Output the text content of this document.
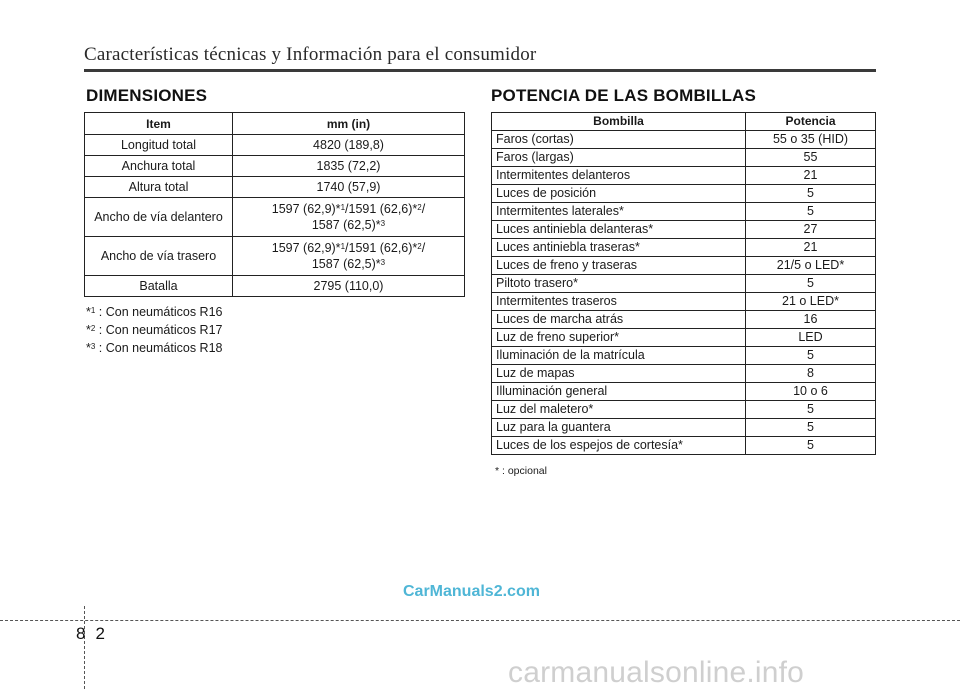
Características técnicas y Información para el consumidor
DIMENSIONES	POTENCIA DE LAS BOMBILLAS
Item	mm (in)
Longitud total	4820 (189,8)
Anchura total	1835 (72,2)
Altura total	1740 (57,9)
Ancho de vía delantero	1597 (62,9)*$^1$/1591 (62,6)*$^2$/
1587 (62,5)*$^3$
Ancho de vía trasero	1597 (62,9)*$^1$/1591 (62,6)*$^2$/
1587 (62,5)*$^3$
Batalla	2795 (110,0)
*$^1$ : Con neumáticos R16
*$^2$ : Con neumáticos R17
*$^3$ : Con neumáticos R18
Bombilla	Potencia
Faros (cortas)	55 o 35 (HID)
Faros (largas)	55
Intermitentes delanteros	21
Luces de posición	5
Intermitentes laterales*	5
Luces antiniebla delanteras*	27
Luces antiniebla traseras*	21
Luces de freno y traseras	21/5 o LED*
Piltoto trasero*	5
Intermitentes traseros	21 o LED*
Luces de marcha atrás	16
Luz de freno superior*	LED
Iluminación de la matrícula	5
Luz de mapas	8
Illuminación general	10 o 6
Luz del maletero*	5
Luz para la guantera	5
Luces de los espejos de cortesía*	5
* : opcional
CarManuals2.com
82
carmanualsonline.info
